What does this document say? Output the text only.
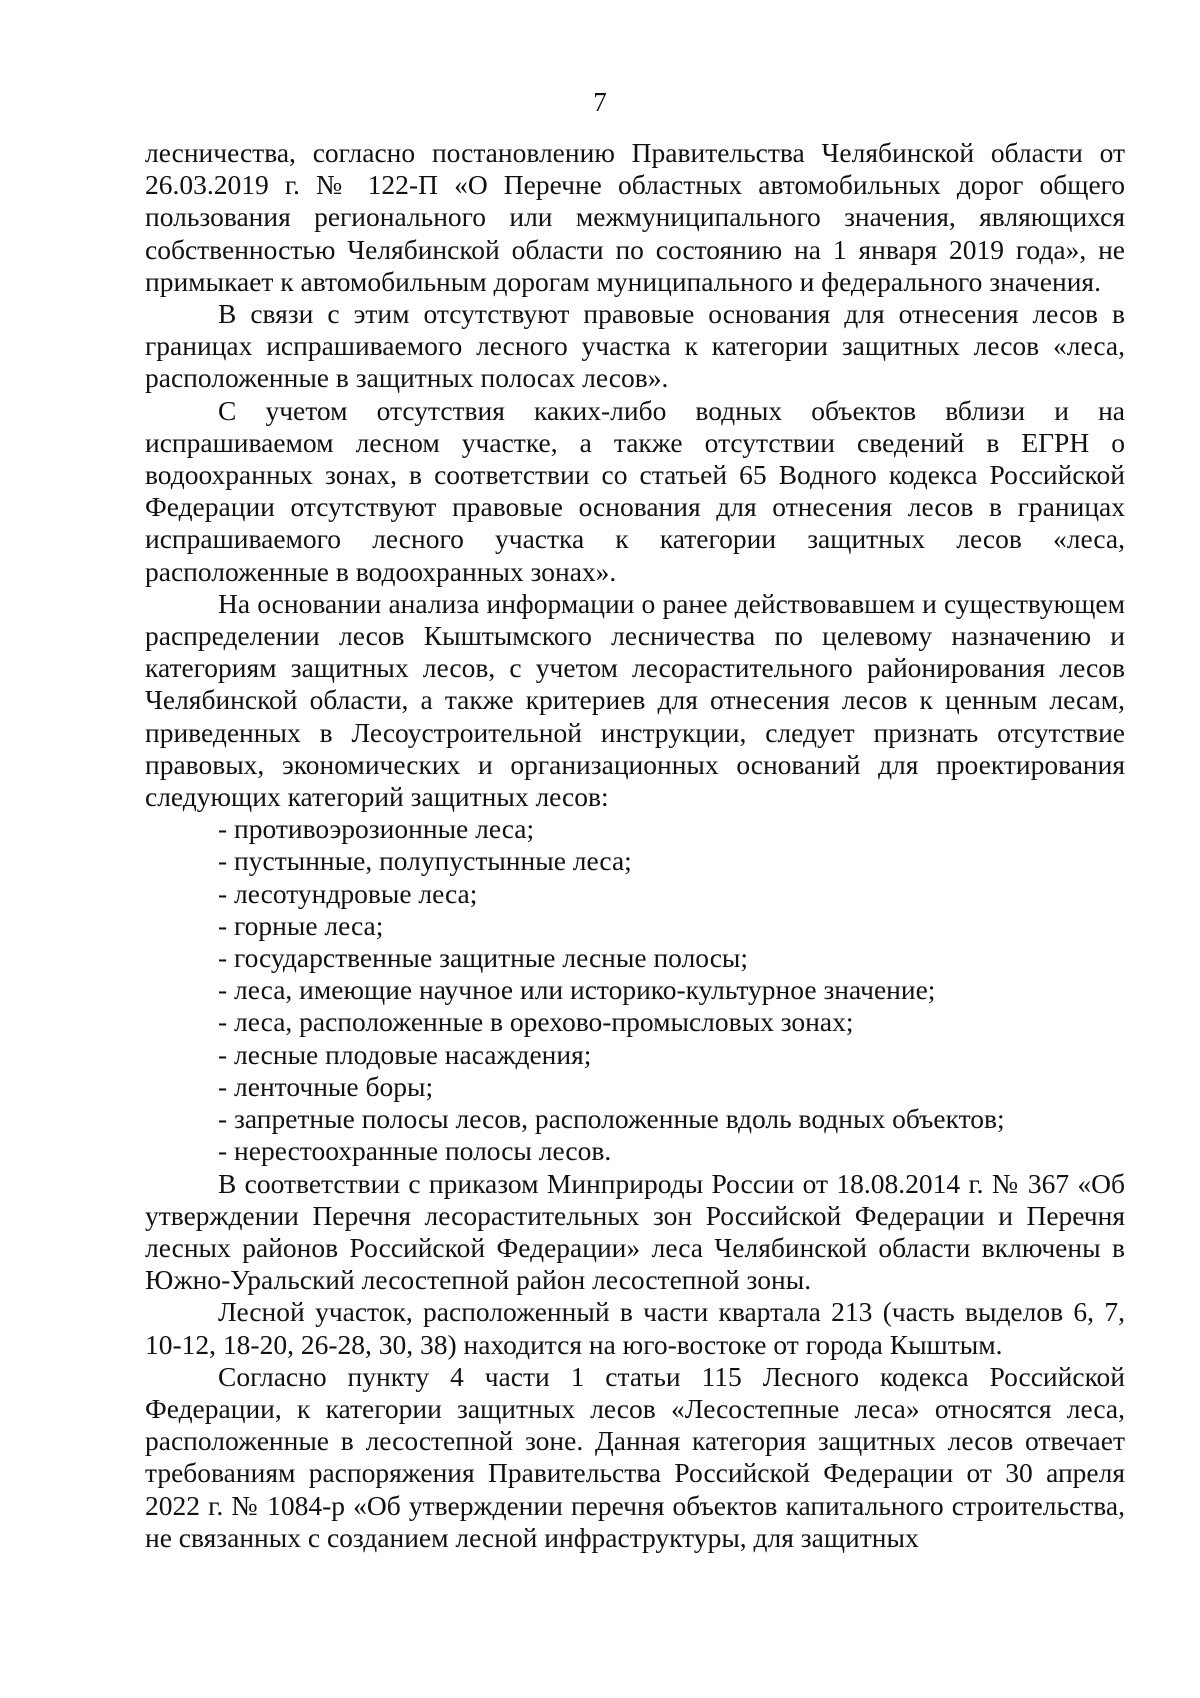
7

лесничества, согласно постановлению Правительства Челябинской области от 26.03.2019 г. № 122-П «О Перечне областных автомобильных дорог общего пользования регионального или межмуниципального значения, являющихся собственностью Челябинской области по состоянию на 1 января 2019 года», не примыкает к автомобильным дорогам муниципального и федерального значения.

В связи с этим отсутствуют правовые основания для отнесения лесов в границах испрашиваемого лесного участка к категории защитных лесов «леса, расположенные в защитных полосах лесов».

С учетом отсутствия каких-либо водных объектов вблизи и на испрашиваемом лесном участке, а также отсутствии сведений в ЕГРН о водоохранных зонах, в соответствии со статьей 65 Водного кодекса Российской Федерации отсутствуют правовые основания для отнесения лесов в границах испрашиваемого лесного участка к категории защитных лесов «леса, расположенные в водоохранных зонах».

На основании анализа информации о ранее действовавшем и существующем распределении лесов Кыштымского лесничества по целевому назначению и категориям защитных лесов, с учетом лесорастительного районирования лесов Челябинской области, а также критериев для отнесения лесов к ценным лесам, приведенных в Лесоустроительной инструкции, следует признать отсутствие правовых, экономических и организационных оснований для проектирования следующих категорий защитных лесов:

- противоэрозионные леса;
- пустынные, полупустынные леса;
- лесотундровые леса;
- горные леса;
- государственные защитные лесные полосы;
- леса, имеющие научное или историко-культурное значение;
- леса, расположенные в орехово-промысловых зонах;
- лесные плодовые насаждения;
- ленточные боры;
- запретные полосы лесов, расположенные вдоль водных объектов;
- нерестоохранные полосы лесов.

В соответствии с приказом Минприроды России от 18.08.2014 г. № 367 «Об утверждении Перечня лесорастительных зон Российской Федерации и Перечня лесных районов Российской Федерации» леса Челябинской области включены в Южно-Уральский лесостепной район лесостепной зоны.

Лесной участок, расположенный в части квартала 213 (часть выделов 6, 7, 10-12, 18-20, 26-28, 30, 38) находится на юго-востоке от города Кыштым.

Согласно пункту 4 части 1 статьи 115 Лесного кодекса Российской Федерации, к категории защитных лесов «Лесостепные леса» относятся леса, расположенные в лесостепной зоне. Данная категория защитных лесов отвечает требованиям распоряжения Правительства Российской Федерации от 30 апреля 2022 г. № 1084-р «Об утверждении перечня объектов капитального строительства, не связанных с созданием лесной инфраструктуры, для защитных
